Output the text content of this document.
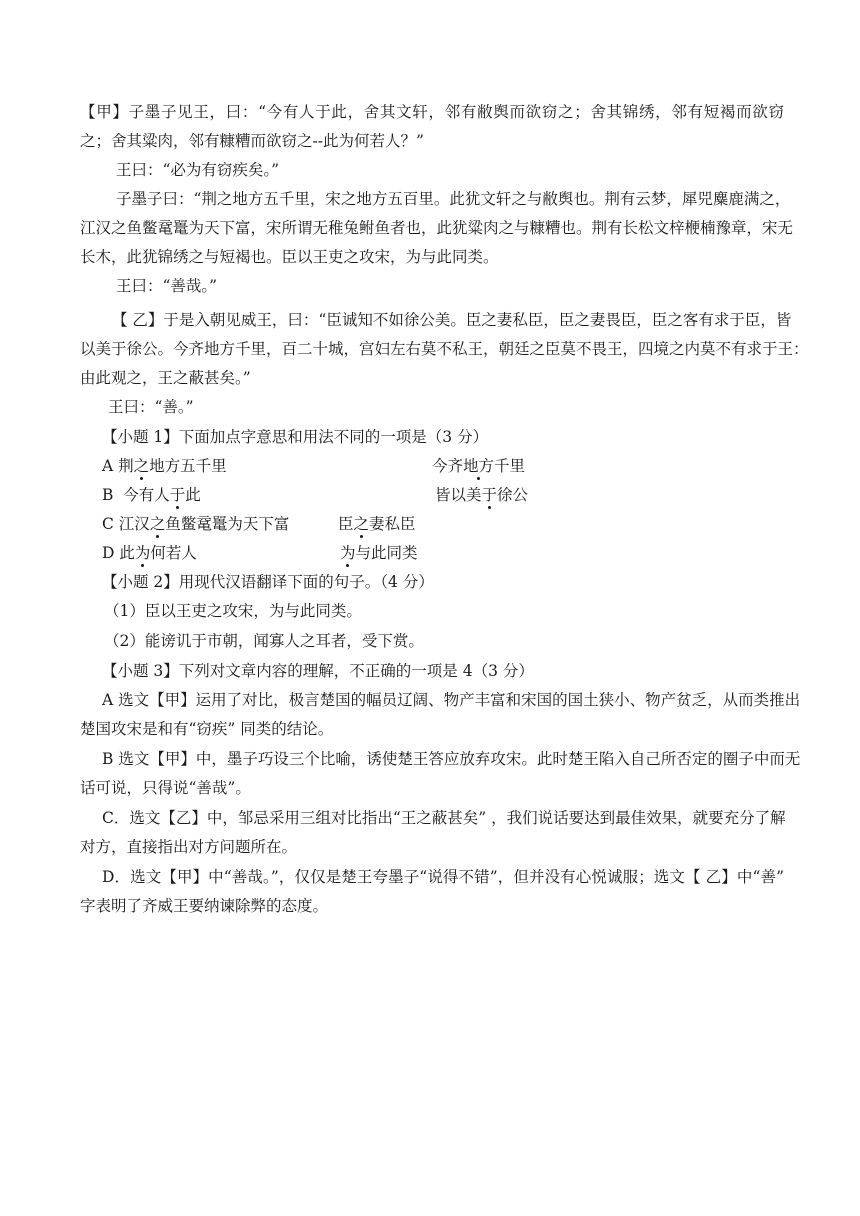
【甲】子墨子见王，曰：“今有人于此，舍其文轩，邻有敝舆而欲窃之；舍其锦绣，邻有短褐而欲窃
之；舍其粱肉，邻有糠糟而欲窃之--此为何若人？”
王曰：“必为有窃疾矣。”
子墨子曰：“荆之地方五千里，宋之地方五百里。此犹文轩之与敝舆也。荆有云梦，犀兕麋鹿满之，
江汉之鱼鳖鼋鼍为天下富，宋所谓无稚兔鲋鱼者也，此犹粱肉之与糠糟也。荆有长松文梓楩楠豫章，宋无
长木，此犹锦绣之与短褐也。臣以王吏之攻宋，为与此同类。
王曰：“善哉。”
【 乙】于是入朝见威王，曰：“臣诚知不如徐公美。臣之妻私臣，臣之妻畏臣，臣之客有求于臣，皆
以美于徐公。今齐地方千里，百二十城，宫妇左右莫不私王，朝廷之臣莫不畏王，四境之内莫不有求于王：
由此观之，王之蔽甚矣。”
王曰：“善。”
【小题 1】下面加点字意思和用法不同的一项是（3 分）
A 荆之地方五千里	今齐地方千里
B  今有人于此	皆以美于徐公
C 江汉之鱼鳖鼋鼍为天下富	臣之妻私臣
D 此为何若人	为与此同类
【小题 2】用现代汉语翻译下面的句子。（4 分）
（1）臣以王吏之攻宋，为与此同类。
（2）能谤讥于市朝，闻寡人之耳者，受下赏。
【小题 3】下列对文章内容的理解，不正确的一项是 4（3 分）
A 选文【甲】运用了对比，极言楚国的幅员辽阔、物产丰富和宋国的国土狭小、物产贫乏，从而类推出
楚国攻宋是和有“窃疾” 同类的结论。
B 选文【甲】中，墨子巧设三个比喻，诱使楚王答应放弃攻宋。此时楚王陷入自己所否定的圈子中而无
话可说，只得说“善哉”。
C．选文【乙】中，邹忌采用三组对比指出“王之蔽甚矣” ，我们说话要达到最佳效果，就要充分了解
对方，直接指出对方问题所在。
D．选文【甲】中“善哉。”，仅仅是楚王夸墨子“说得不错”，但并没有心悦诚服；选文【 乙】中“善”
字表明了齐威王要纳谏除弊的态度。
